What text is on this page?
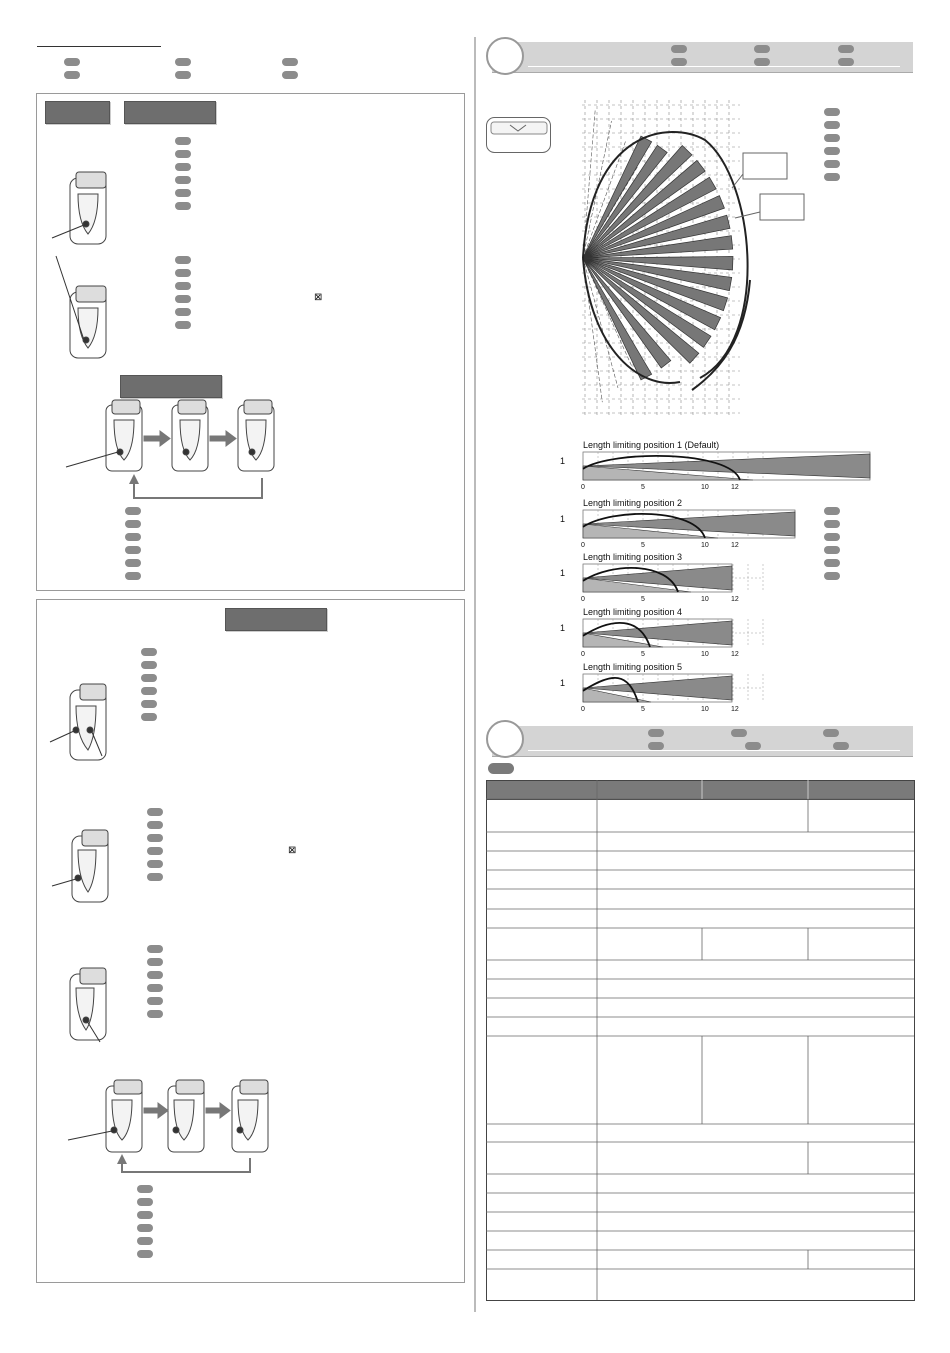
⊠
⊠
Length limiting position 1 (Default)
1
0	5	10	12
Length limiting position 2
1
0	5	10	12
Length limiting position 3
1
0	5	10	12
Length limiting position 4
1
0	5	10	12
Length limiting position 5
1
0	5	10	12
